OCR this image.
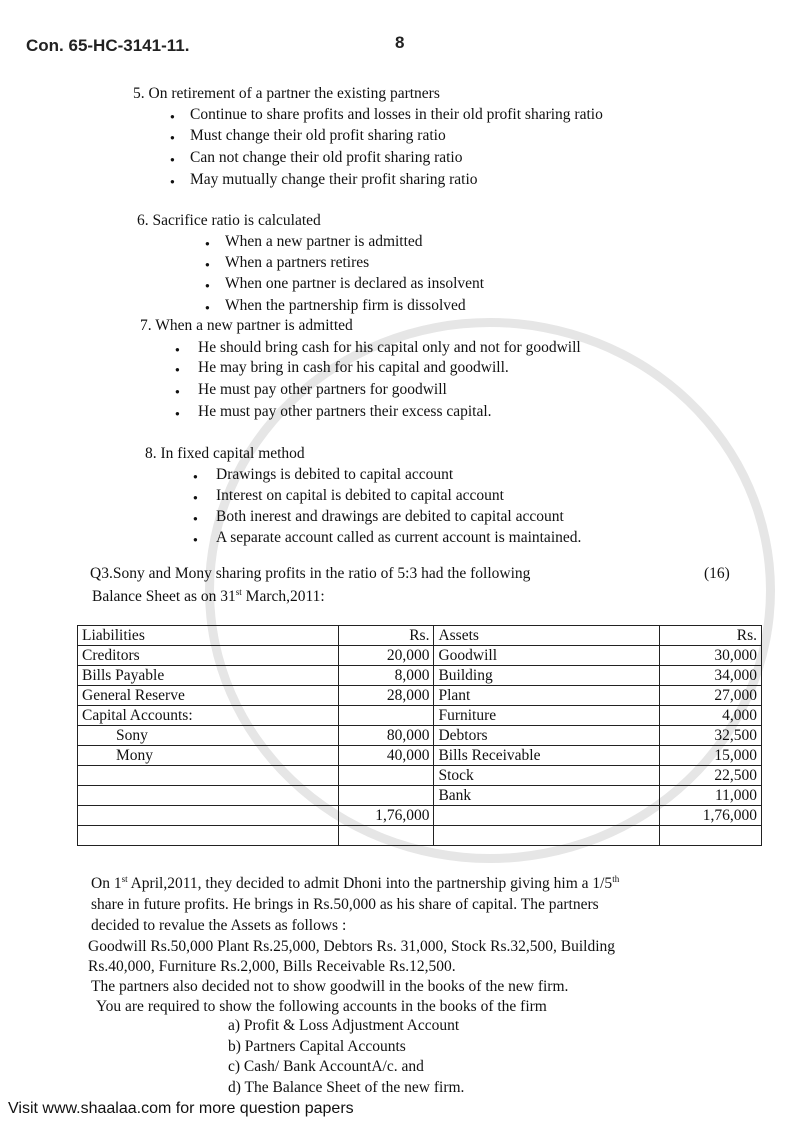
Con. 65-HC-3141-11.	8
Q3.Sony and Mony sharing profits in the ratio of 5:3 had the following	(16)
Balance Sheet as on 31st March,2011:
Liabilities	Rs.	Assets	Rs.
Creditors	20,000	Goodwill	30,000
Bills Payable	8,000	Building	34,000
General Reserve	28,000	Plant	27,000
Capital Accounts:		Furniture	4,000
Sony	80,000	Debtors	32,500
Mony	40,000	Bills Receivable	15,000
		Stock	22,500
		Bank	11,000
	1,76,000		1,76,000

Visit www.shaalaa.com for more question papers
5. On retirement of a partner the existing partners
● Continue to share profits and losses in their old profit sharing ratio
● Must change their old profit sharing ratio
● Can not change their old profit sharing ratio
● May mutually change their profit sharing ratio
6. Sacrifice ratio is calculated
● When a new partner is admitted
● When a partners retires
● When one partner is declared as insolvent
● When the partnership firm is dissolved
7. When a new partner is admitted
● He should bring cash for his capital only and not for goodwill
● He may bring in cash for his capital and goodwill.
● He must pay other partners for goodwill
● He must pay other partners their excess capital.
8. In fixed capital method
● Drawings is debited to capital account
● Interest on capital is debited to capital account
● Both inerest and drawings are debited to capital account
● A separate account called as current account is maintained.
On 1st April,2011, they decided to admit Dhoni into the partnership giving him a 1/5th
share in future profits. He brings in Rs.50,000 as his share of capital. The partners
decided to revalue the Assets as follows :
Goodwill Rs.50,000 Plant Rs.25,000, Debtors Rs. 31,000, Stock Rs.32,500, Building
Rs.40,000, Furniture Rs.2,000, Bills Receivable Rs.12,500.
The partners also decided not to show goodwill in the books of the new firm.
You are required to show the following accounts in the books of the firm
a) Profit & Loss Adjustment Account
b) Partners Capital Accounts
c) Cash/ Bank AccountA/c. and
d) The Balance Sheet of the new firm.
